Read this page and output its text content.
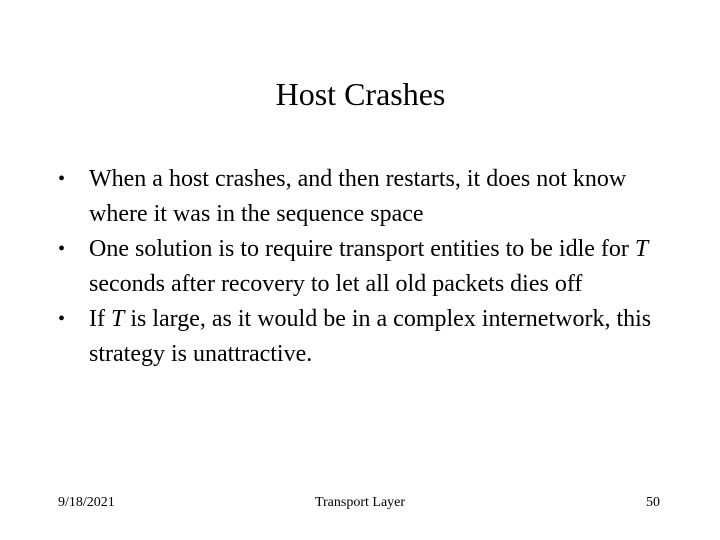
Host Crashes
• When a host crashes, and then restarts, it does not know where it was in the sequence space
• One solution is to require transport entities to be idle for T seconds after recovery to let all old packets dies off
• If T is large, as it would be in a complex internetwork, this strategy is unattractive.
9/18/2021	Transport Layer	50
